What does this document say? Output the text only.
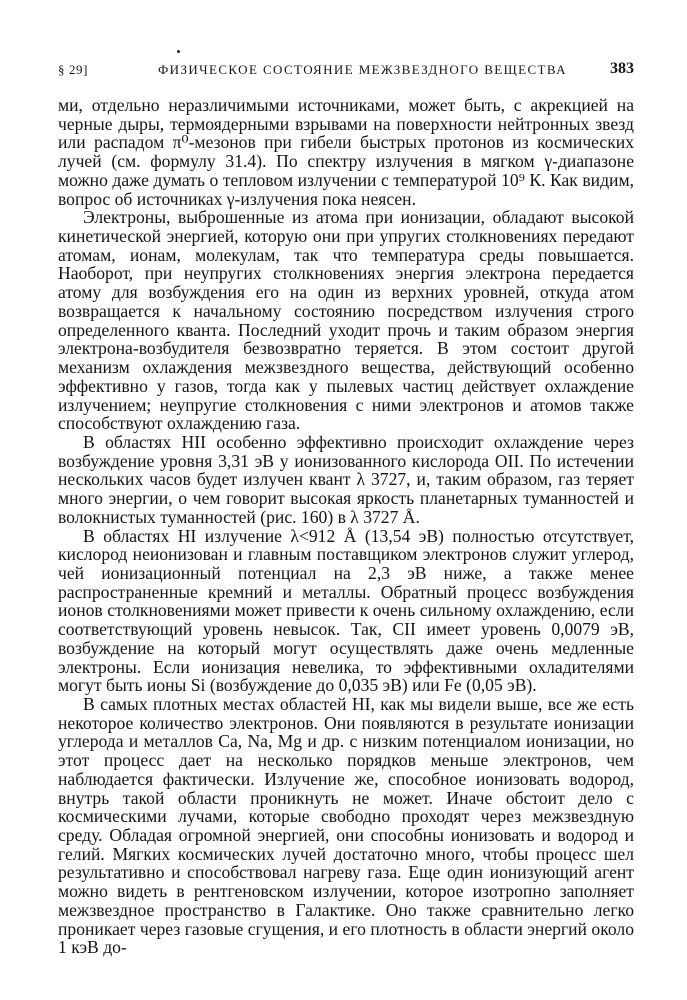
§ 29]	ФИЗИЧЕСКОЕ СОСТОЯНИЕ МЕЖЗВЕЗДНОГО ВЕЩЕСТВА	383

ми, отдельно неразличимыми источниками, может быть, с акрекцией на черные дыры, термоядерными взрывами на поверхности нейтронных звезд или распадом π⁰-мезонов при гибели быстрых протонов из космических лучей (см. формулу 31.4). По спектру излучения в мягком γ-диапазоне можно даже думать о тепловом излучении с температурой 10⁹ К. Как видим, вопрос об источниках γ-излучения пока неясен.

Электроны, выброшенные из атома при ионизации, обладают высокой кинетической энергией, которую они при упругих столкновениях передают атомам, ионам, молекулам, так что температура среды повышается. Наоборот, при неупругих столкновениях энергия электрона передается атому для возбуждения его на один из верхних уровней, откуда атом возвращается к начальному состоянию посредством излучения строго определенного кванта. Последний уходит прочь и таким образом энергия электрона-возбудителя безвозвратно теряется. В этом состоит другой механизм охлаждения межзвездного вещества, действующий особенно эффективно у газов, тогда как у пылевых частиц действует охлаждение излучением; неупругие столкновения с ними электронов и атомов также способствуют охлаждению газа.

В областях HII особенно эффективно происходит охлаждение через возбуждение уровня 3,31 эВ у ионизованного кислорода OII. По истечении нескольких часов будет излучен квант λ 3727, и, таким образом, газ теряет много энергии, о чем говорит высокая яркость планетарных туманностей и волокнистых туманностей (рис. 160) в λ 3727 Å.

В областях HI излучение λ<912 Å (13,54 эВ) полностью отсутствует, кислород неионизован и главным поставщиком электронов служит углерод, чей ионизационный потенциал на 2,3 эВ ниже, а также менее распространенные кремний и металлы. Обратный процесс возбуждения ионов столкновениями может привести к очень сильному охлаждению, если соответствующий уровень невысок. Так, CII имеет уровень 0,0079 эВ, возбуждение на который могут осуществлять даже очень медленные электроны. Если ионизация невелика, то эффективными охладителями могут быть ионы Si (возбуждение до 0,035 эВ) или Fe (0,05 эВ).

В самых плотных местах областей HI, как мы видели выше, все же есть некоторое количество электронов. Они появляются в результате ионизации углерода и металлов Ca, Na, Mg и др. с низким потенциалом ионизации, но этот процесс дает на несколько порядков меньше электронов, чем наблюдается фактически. Излучение же, способное ионизовать водород, внутрь такой области проникнуть не может. Иначе обстоит дело с космическими лучами, которые свободно проходят через межзвездную среду. Обладая огромной энергией, они способны ионизовать и водород и гелий. Мягких космических лучей достаточно много, чтобы процесс шел результативно и способствовал нагреву газа. Еще один ионизующий агент можно видеть в рентгеновском излучении, которое изотропно заполняет межзвездное пространство в Галактике. Оно также сравнительно легко проникает через газовые сгущения, и его плотность в области энергий около 1 кэВ до-
